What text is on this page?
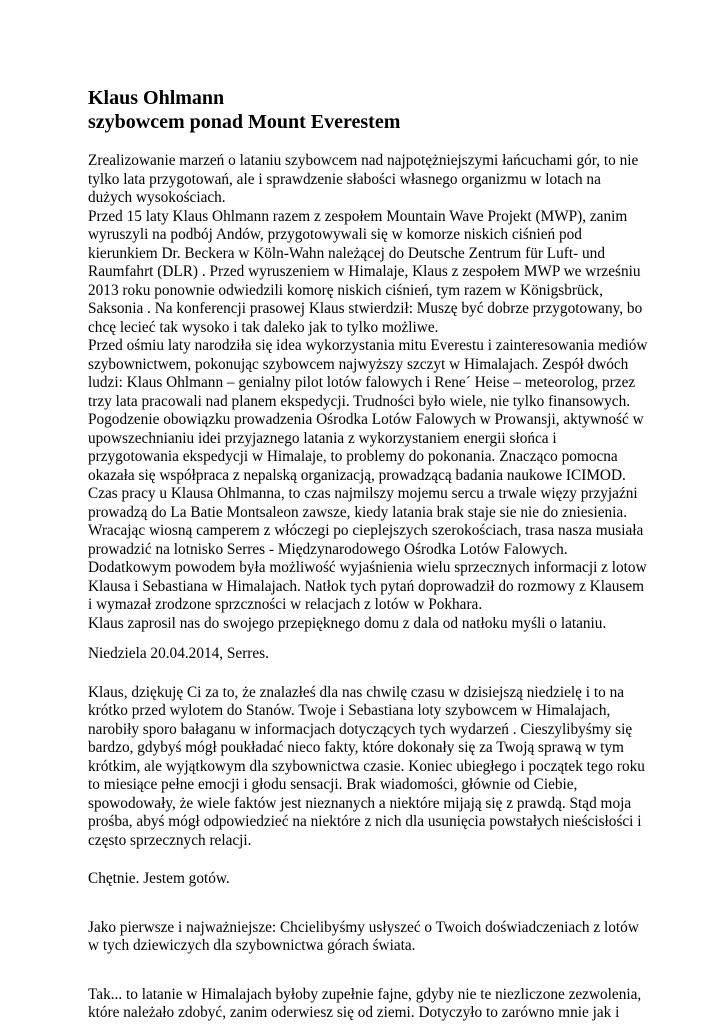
Klaus Ohlmann
szybowcem ponad Mount Everestem

Zrealizowanie marzeń o lataniu szybowcem nad najpotężniejszymi łańcuchami gór, to nie tylko lata przygotowań, ale i sprawdzenie słabości własnego organizmu w lotach na dużych wysokościach.

Przed 15 laty Klaus Ohlmann razem z zespołem Mountain Wave Projekt (MWP), zanim wyruszyli na podbój Andów, przygotowywali się w komorze niskich ciśnień pod kierunkiem Dr. Beckera w Köln-Wahn należącej do Deutsche Zentrum für Luft- und Raumfahrt (DLR) . Przed wyruszeniem w Himalaje, Klaus z zespołem MWP we wrześniu 2013 roku ponownie odwiedzili komorę niskich ciśnień, tym razem w Königsbrück, Saksonia . Na konferencji prasowej Klaus stwierdził: Muszę być dobrze przygotowany, bo chcę lecieć tak wysoko i tak daleko jak to tylko możliwe.

Przed ośmiu laty narodziła się idea wykorzystania mitu Everestu i zainteresowania mediów szybownictwem, pokonując szybowcem najwyższy szczyt w Himalajach. Zespół dwóch ludzi: Klaus Ohlmann – genialny pilot lotów falowych i Rene´ Heise – meteorolog, przez trzy lata pracowali nad planem ekspedycji. Trudności było wiele, nie tylko finansowych. Pogodzenie obowiązku prowadzenia Ośrodka Lotów Falowych w Prowansji, aktywność w upowszechnianiu idei przyjaznego latania z wykorzystaniem energii słońca i przygotowania ekspedycji w Himalaje, to problemy do pokonania. Znacząco pomocna okazała się współpraca z nepalską organizacją, prowadzącą badania naukowe ICIMOD.

Czas pracy u Klausa Ohlmanna, to czas najmilszy mojemu sercu a trwale więzy przyjaźni prowadzą do La Batie Montsaleon zawsze, kiedy latania brak staje sie nie do zniesienia. Wracając wiosną camperem z włóczegi po cieplejszych szerokościach, trasa nasza musiała prowadzić na lotnisko Serres - Międzynarodowego Ośrodka Lotów Falowych. Dodatkowym powodem była możliwość wyjaśnienia wielu sprzecznych informacji z lotow Klausa i Sebastiana w Himalajach. Natłok tych pytań doprowadził do rozmowy z Klausem i wymazał zrodzone sprzczności w relacjach z lotów w Pokhara.

Klaus zaprosil nas do swojego przepięknego domu z dala od natłoku myśli o lataniu.

Niedziela 20.04.2014, Serres.

Klaus, dziękuję Ci za to, że znalazłeś dla nas chwilę czasu w dzisiejszą niedzielę i to na krótko przed wylotem do Stanów. Twoje i Sebastiana loty szybowcem w Himalajach, narobiły sporo bałaganu w informacjach dotyczących tych wydarzeń . Cieszylibyśmy się bardzo, gdybyś mógł poukładać nieco fakty, które dokonały się za Twoją sprawą w tym krótkim, ale wyjątkowym dla szybownictwa czasie. Koniec ubiegłego i początek tego roku to miesiące pełne emocji i głodu sensacji. Brak wiadomości, głównie od Ciebie, spowodowały, że wiele faktów jest nieznanych a niektóre mijają się z prawdą. Stąd moja prośba, abyś mógł odpowiedzieć na niektóre z nich dla usunięcia powstałych nieścisłości i często sprzecznych relacji.

Chętnie. Jestem gotów.

Jako pierwsze i najważniejsze: Chcielibyśmy usłyszeć o Twoich doświadczeniach z lotów w tych dziewiczych dla szybownictwa górach świata.

Tak... to latanie w Himalajach byłoby zupełnie fajne, gdyby nie te niezliczone zezwolenia, które należało zdobyć, zanim oderwiesz się od ziemi. Dotyczyło to zarówno mnie jak i
